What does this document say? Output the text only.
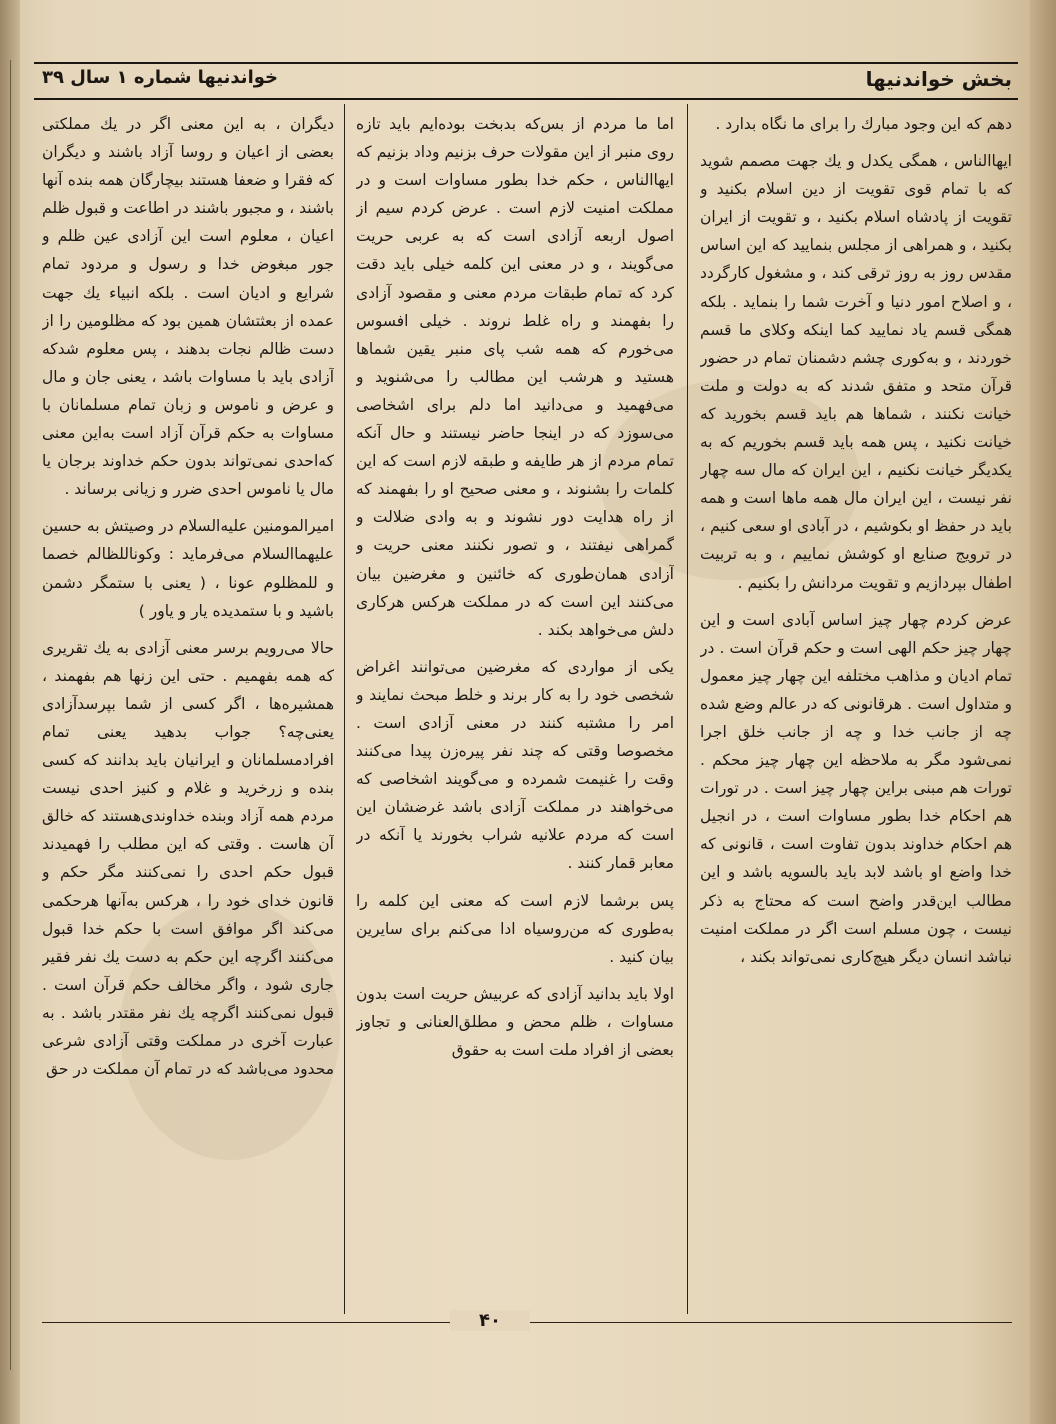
بخش خواندنیها
خواندنیها شماره ۱ سال ۳۹

دهم که این وجود مبارك را برای ما نگاه بدارد .

ایهاالناس ، همگی یکدل و یك جهت مصمم شوید که با تمام قوی تقویت از دین اسلام بکنید و تقویت از پادشاه اسلام بکنید ، و تقویت از ایران بکنید ، و همراهی از مجلس بنمایید که این اساس مقدس روز به روز ترقی کند ، و مشغول کارگردد ، و اصلاح امور دنیا و آخرت شما را بنماید . بلکه همگی قسم یاد نمایید کما اینکه وکلای ما قسم خوردند ، و به‌کوری چشم دشمنان تمام در حضور قرآن متحد و متفق شدند که به دولت و ملت خیانت نکنند ، شماها هم باید قسم بخورید که خیانت نکنید ، پس همه باید قسم بخوریم که به یکدیگر خیانت نکنیم ، این ایران که مال سه چهار نفر نیست ، این ایران مال همه ماها است و همه باید در حفظ او بکوشیم ، در آبادی او سعی کنیم ، در ترویج صنایع او کوشش نماییم ، و به تربیت اطفال بپردازیم و تقویت مردانش را بکنیم .

عرض کردم چهار چیز اساس آبادی است و این چهار چیز حکم الهی است و حکم قرآن است . در تمام ادیان و مذاهب مختلفه این چهار چیز معمول و متداول است . هرقانونی که در عالم وضع شده چه از جانب خدا و چه از جانب خلق اجرا نمی‌شود مگر به ملاحظه این چهار چیز محکم . تورات هم مبنی براین چهار چیز است . در تورات هم احکام خدا بطور مساوات است ، در انجیل هم احکام خداوند بدون تفاوت است ، قانونی که خدا واضع او باشد لابد باید بالسویه باشد و این مطالب این‌قدر واضح است که محتاج به ذکر نیست ، چون مسلم است اگر در مملکت امنیت نباشد انسان دیگر هیچ‌کاری نمی‌تواند بکند ،

اما ما مردم از بس‌که بدبخت بوده‌ایم باید تازه روی منبر از این مقولات حرف بزنیم وداد بزنیم که ایهاالناس ، حکم خدا بطور مساوات است و در مملکت امنیت لازم است . عرض کردم سیم از اصول اربعه آزادی است که به عربی حریت می‌گویند ، و در معنی این کلمه خیلی باید دقت کرد که تمام طبقات مردم معنی و مقصود آزادی را بفهمند و راه غلط نروند . خیلی افسوس می‌خورم که همه شب پای منبر یقین شماها هستید و هرشب این مطالب را می‌شنوید و می‌فهمید و می‌دانید اما دلم برای اشخاصی می‌سوزد که در اینجا حاضر نیستند و حال آنکه تمام مردم از هر طایفه و طبقه لازم است که این کلمات را بشنوند ، و معنی صحیح او را بفهمند که از راه هدایت دور نشوند و به وادی ضلالت و گمراهی نیفتند ، و تصور نکنند معنی حریت و آزادی همان‌طوری که خائنین و مغرضین بیان می‌کنند این است که در مملکت هرکس هرکاری دلش می‌خواهد بکند .

یکی از مواردی که مغرضین می‌توانند اغراض شخصی خود را به کار برند و خلط مبحث نمایند و امر را مشتبه کنند در معنی آزادی است . مخصوصا وقتی که چند نفر پیره‌زن پیدا می‌کنند وقت را غنیمت شمرده و می‌گویند اشخاصی که می‌خواهند در مملکت آزادی باشد غرضشان این است که مردم علانیه شراب بخورند یا آنکه در معابر قمار کنند .

پس برشما لازم است که معنی این کلمه را به‌طوری که من‌روسیاه ادا می‌کنم برای سایرین بیان کنید .

اولا باید بدانید آزادی که عربیش حریت است بدون مساوات ، ظلم محض و مطلق‌العنانی و تجاوز بعضی از افراد ملت است به حقوق

دیگران ، به این معنی اگر در یك مملکتی بعضی از اعیان و روسا آزاد باشند و دیگران که فقرا و ضعفا هستند بیچارگان همه بنده آنها باشند ، و مجبور باشند در اطاعت و قبول ظلم اعیان ، معلوم است این آزادی عین ظلم و جور مبغوض خدا و رسول و مردود تمام شرایع و ادیان است . بلکه انبیاء یك جهت عمده از بعثتشان همین بود که مظلومین را از دست ظالم نجات بدهند ، پس معلوم شدکه آزادی باید با مساوات باشد ، یعنی جان و مال و عرض و ناموس و زبان تمام مسلمانان با مساوات به حکم قرآن آزاد است به‌این معنی که‌احدی نمی‌تواند بدون حکم خداوند برجان یا مال یا ناموس احدی ضرر و زیانی برساند .

امیرالمومنین علیه‌السلام در وصیتش به حسین علیهماالسلام می‌فرماید : وکوناللظالم خصما و للمظلوم عونا ، ( یعنی با ستمگر دشمن باشید و با ستمدیده یار و یاور )

حالا می‌رویم برسر معنی آزادی به یك تقریری که همه بفهمیم . حتی این زنها هم بفهمند ، همشیره‌ها ، اگر کسی از شما بپرسدآزادی یعنی‌چه؟ جواب بدهید یعنی تمام افرادمسلمانان و ایرانیان باید بدانند که کسی بنده و زرخرید و غلام و کنیز احدی نیست مردم همه آزاد وبنده خداوندی‌هستند که خالق آن هاست . وقتی که این مطلب را فهمیدند قبول حکم احدی را نمی‌کنند مگر حکم و قانون خدای خود را ، هرکس به‌آنها هرحکمی می‌کند اگر موافق است با حکم خدا قبول می‌کنند اگرچه این حکم به دست یك نفر فقیر جاری شود ، واگر مخالف حکم قرآن است . قبول نمی‌کنند اگرچه یك نفر مقتدر باشد . به عبارت آخری در مملکت وقتی آزادی شرعی محدود می‌باشد که در تمام آن مملکت در حق

۴۰
